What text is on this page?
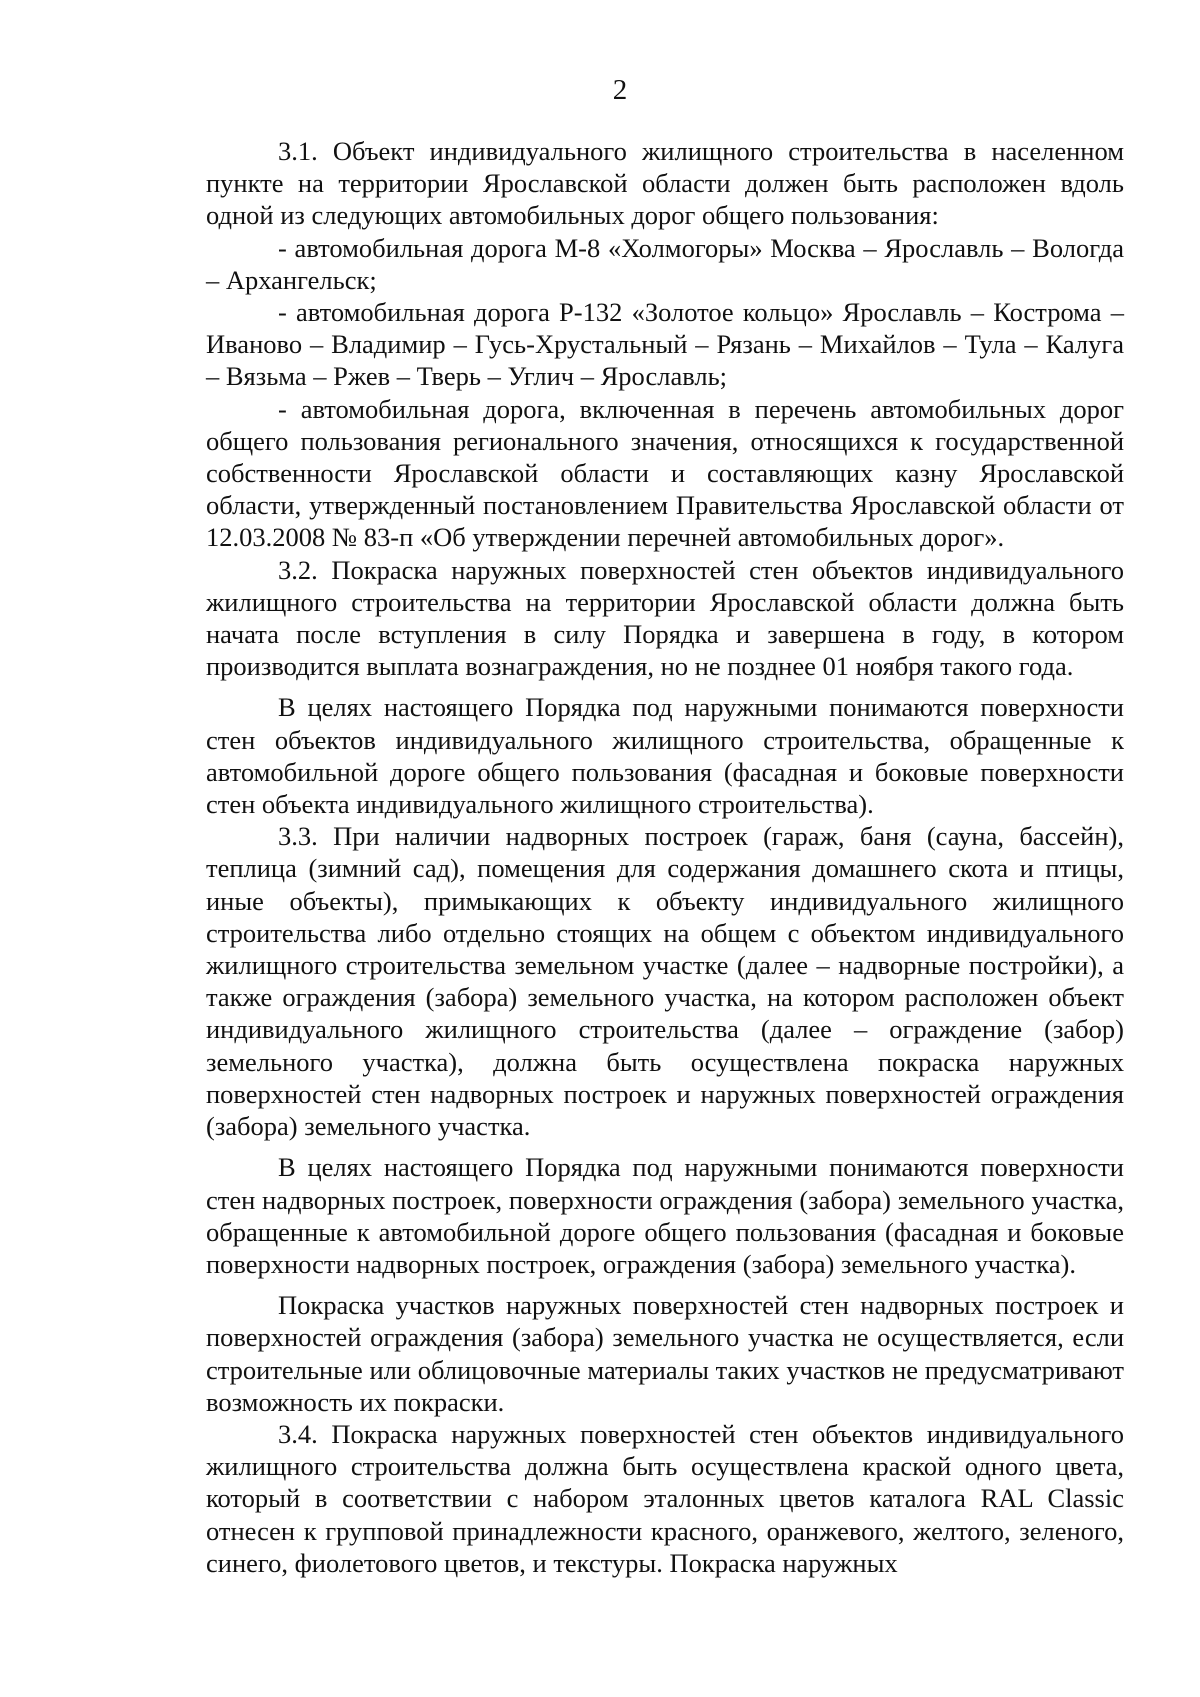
2

3.1. Объект индивидуального жилищного строительства в населенном пункте на территории Ярославской области должен быть расположен вдоль одной из следующих автомобильных дорог общего пользования:

- автомобильная дорога М-8 «Холмогоры» Москва – Ярославль – Вологда – Архангельск;

- автомобильная дорога Р-132 «Золотое кольцо» Ярославль – Кострома – Иваново – Владимир – Гусь-Хрустальный – Рязань – Михайлов – Тула – Калуга – Вязьма – Ржев – Тверь – Углич – Ярославль;

- автомобильная дорога, включенная в перечень автомобильных дорог общего пользования регионального значения, относящихся к государственной собственности Ярославской области и составляющих казну Ярославской области, утвержденный постановлением Правительства Ярославской области от 12.03.2008 № 83-п «Об утверждении перечней автомобильных дорог».

3.2. Покраска наружных поверхностей стен объектов индивидуального жилищного строительства на территории Ярославской области должна быть начата после вступления в силу Порядка и завершена в году, в котором производится выплата вознаграждения, но не позднее 01 ноября такого года.

В целях настоящего Порядка под наружными понимаются поверхности стен объектов индивидуального жилищного строительства, обращенные к автомобильной дороге общего пользования (фасадная и боковые поверхности стен объекта индивидуального жилищного строительства).

3.3. При наличии надворных построек (гараж, баня (сауна, бассейн), теплица (зимний сад), помещения для содержания домашнего скота и птицы, иные объекты), примыкающих к объекту индивидуального жилищного строительства либо отдельно стоящих на общем с объектом индивидуального жилищного строительства земельном участке (далее – надворные постройки), а также ограждения (забора) земельного участка, на котором расположен объект индивидуального жилищного строительства (далее – ограждение (забор) земельного участка), должна быть осуществлена покраска наружных поверхностей стен надворных построек и наружных поверхностей ограждения (забора) земельного участка.

В целях настоящего Порядка под наружными понимаются поверхности стен надворных построек, поверхности ограждения (забора) земельного участка, обращенные к автомобильной дороге общего пользования (фасадная и боковые поверхности надворных построек, ограждения (забора) земельного участка).

Покраска участков наружных поверхностей стен надворных построек и поверхностей ограждения (забора) земельного участка не осуществляется, если строительные или облицовочные материалы таких участков не предусматривают возможность их покраски.

3.4. Покраска наружных поверхностей стен объектов индивидуального жилищного строительства должна быть осуществлена краской одного цвета, который в соответствии с набором эталонных цветов каталога RAL Classic отнесен к групповой принадлежности красного, оранжевого, желтого, зеленого, синего, фиолетового цветов, и текстуры. Покраска наружных
